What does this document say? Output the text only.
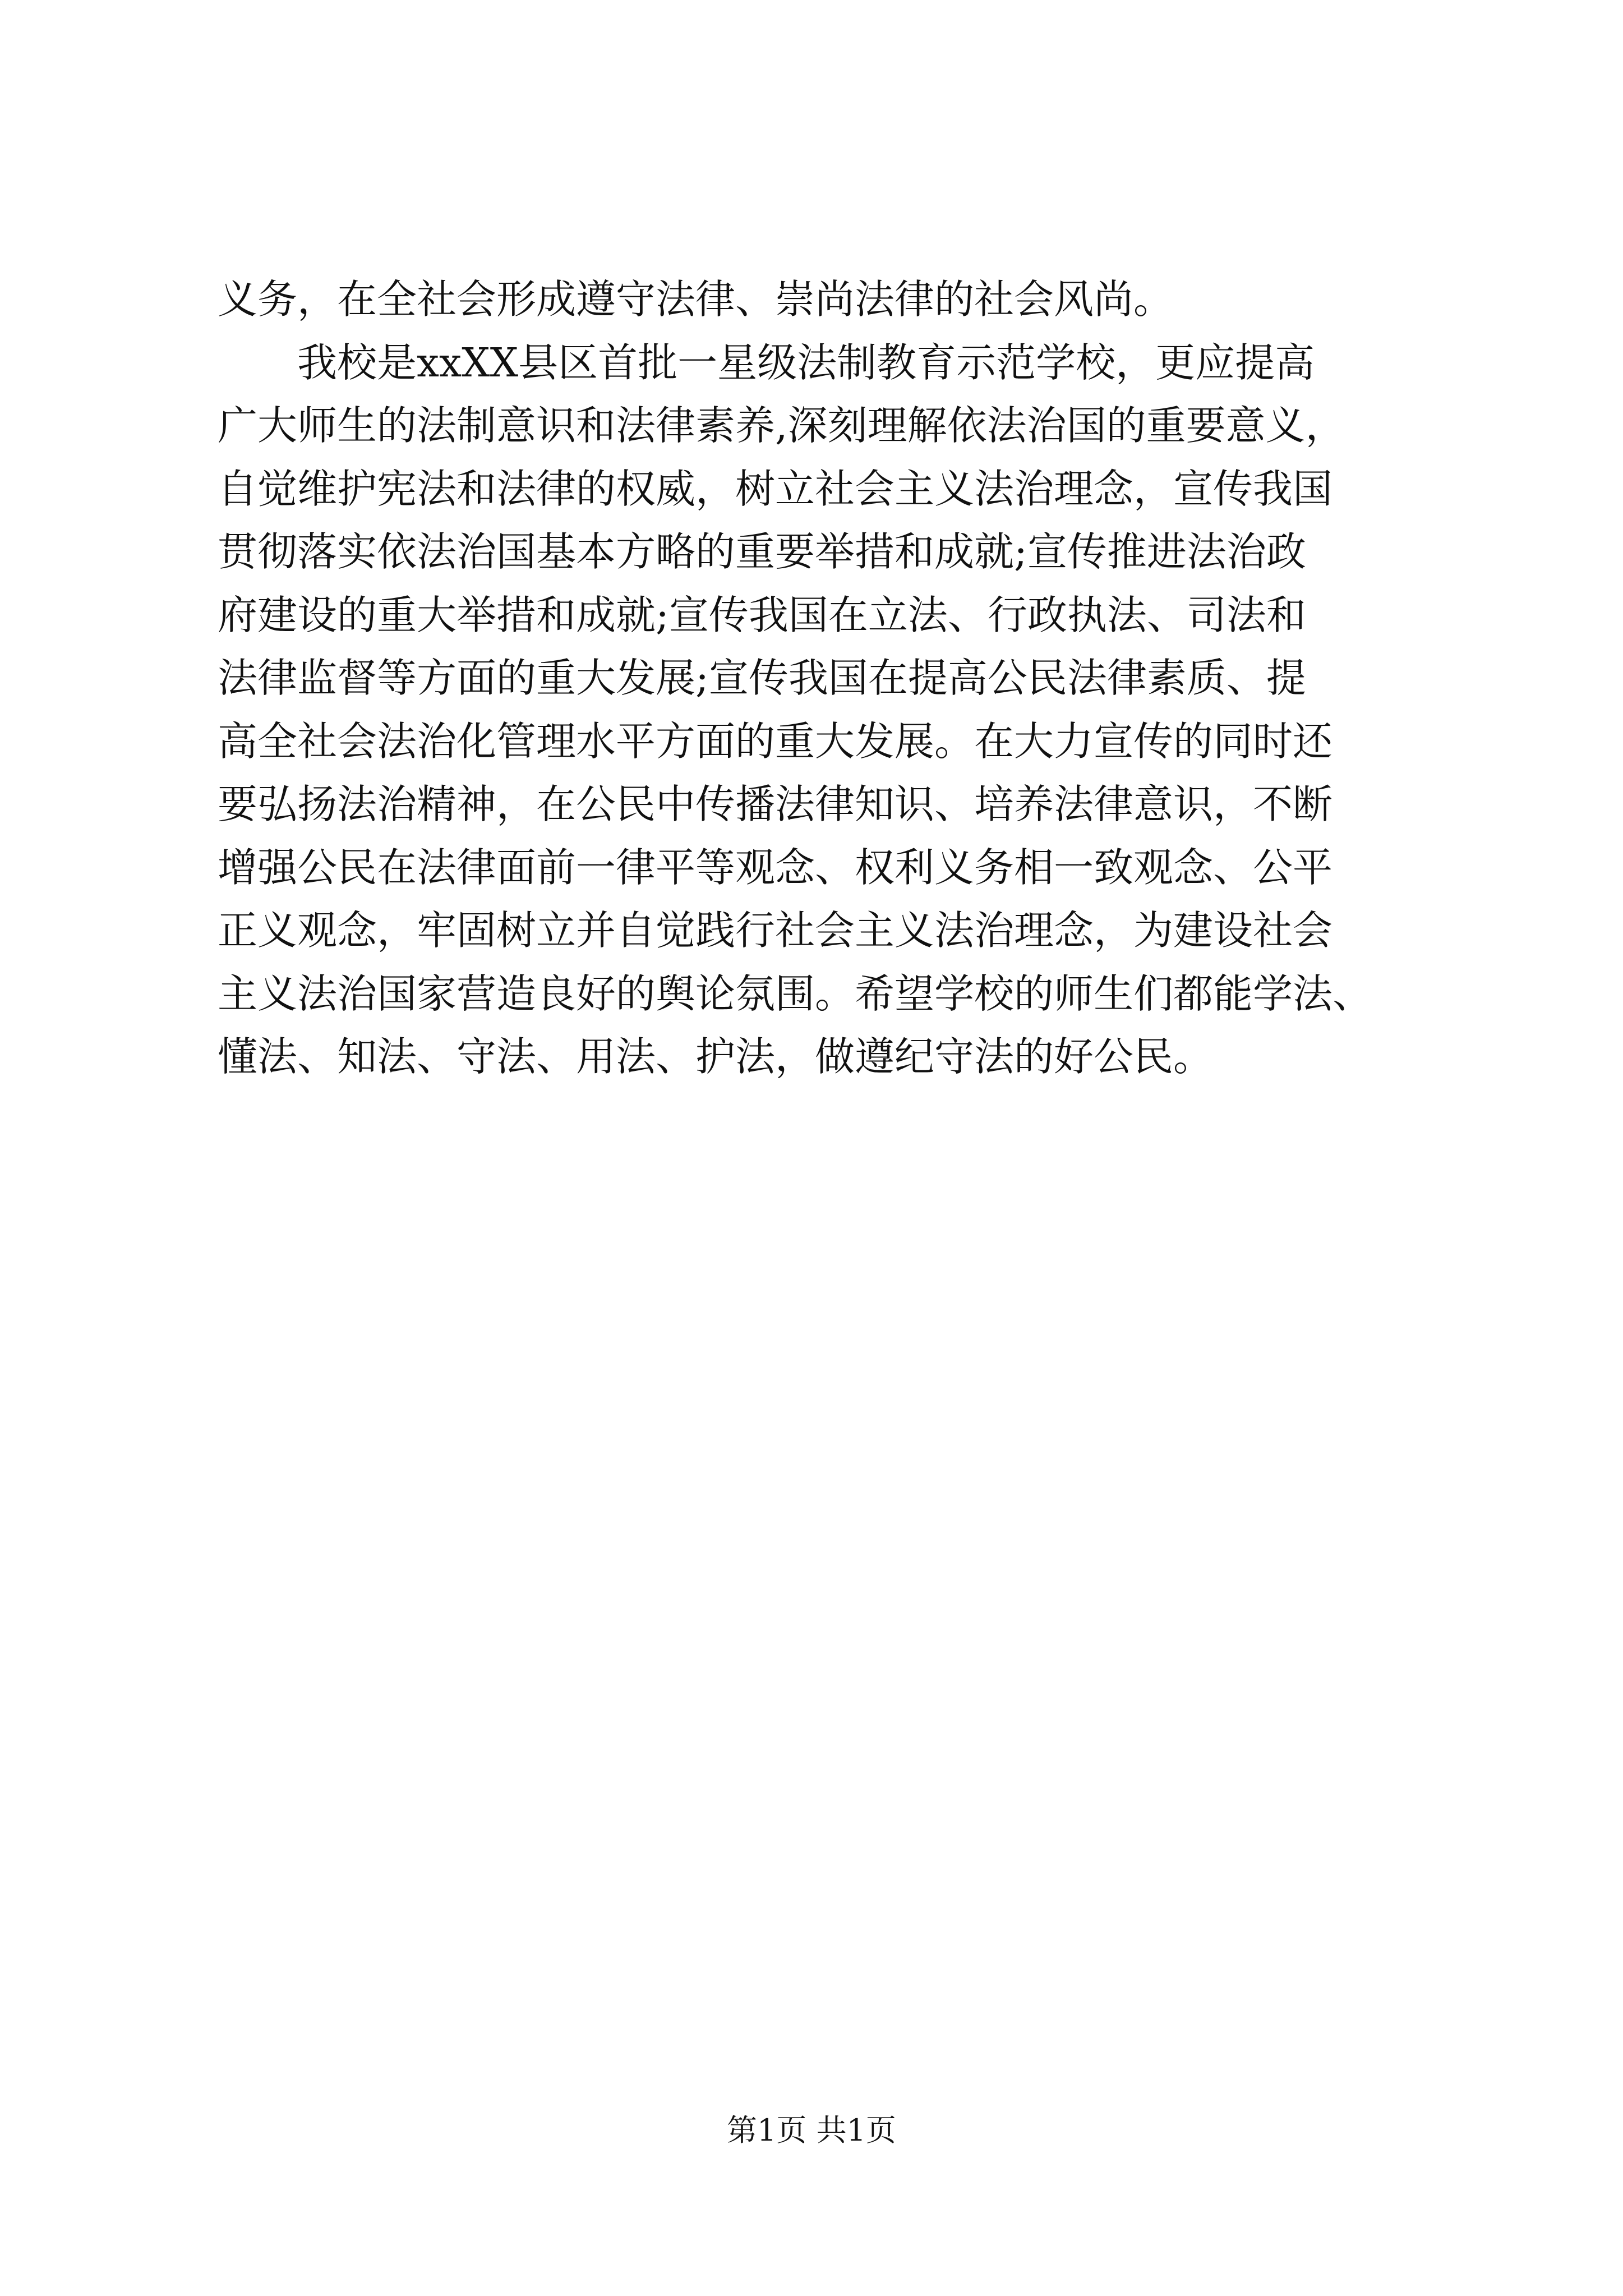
义务，在全社会形成遵守法律、崇尚法律的社会风尚。
我校是xxXX县区首批一星级法制教育示范学校，更应提高
广大师生的法制意识和法律素养,深刻理解依法治国的重要意义，
自觉维护宪法和法律的权威，树立社会主义法治理念，宣传我国
贯彻落实依法治国基本方略的重要举措和成就;宣传推进法治政
府建设的重大举措和成就;宣传我国在立法、行政执法、司法和
法律监督等方面的重大发展;宣传我国在提高公民法律素质、提
高全社会法治化管理水平方面的重大发展。在大力宣传的同时还
要弘扬法治精神，在公民中传播法律知识、培养法律意识，不断
增强公民在法律面前一律平等观念、权利义务相一致观念、公平
正义观念，牢固树立并自觉践行社会主义法治理念，为建设社会
主义法治国家营造良好的舆论氛围。希望学校的师生们都能学法、
懂法、知法、守法、用法、护法，做遵纪守法的好公民。
第1页 共1页
